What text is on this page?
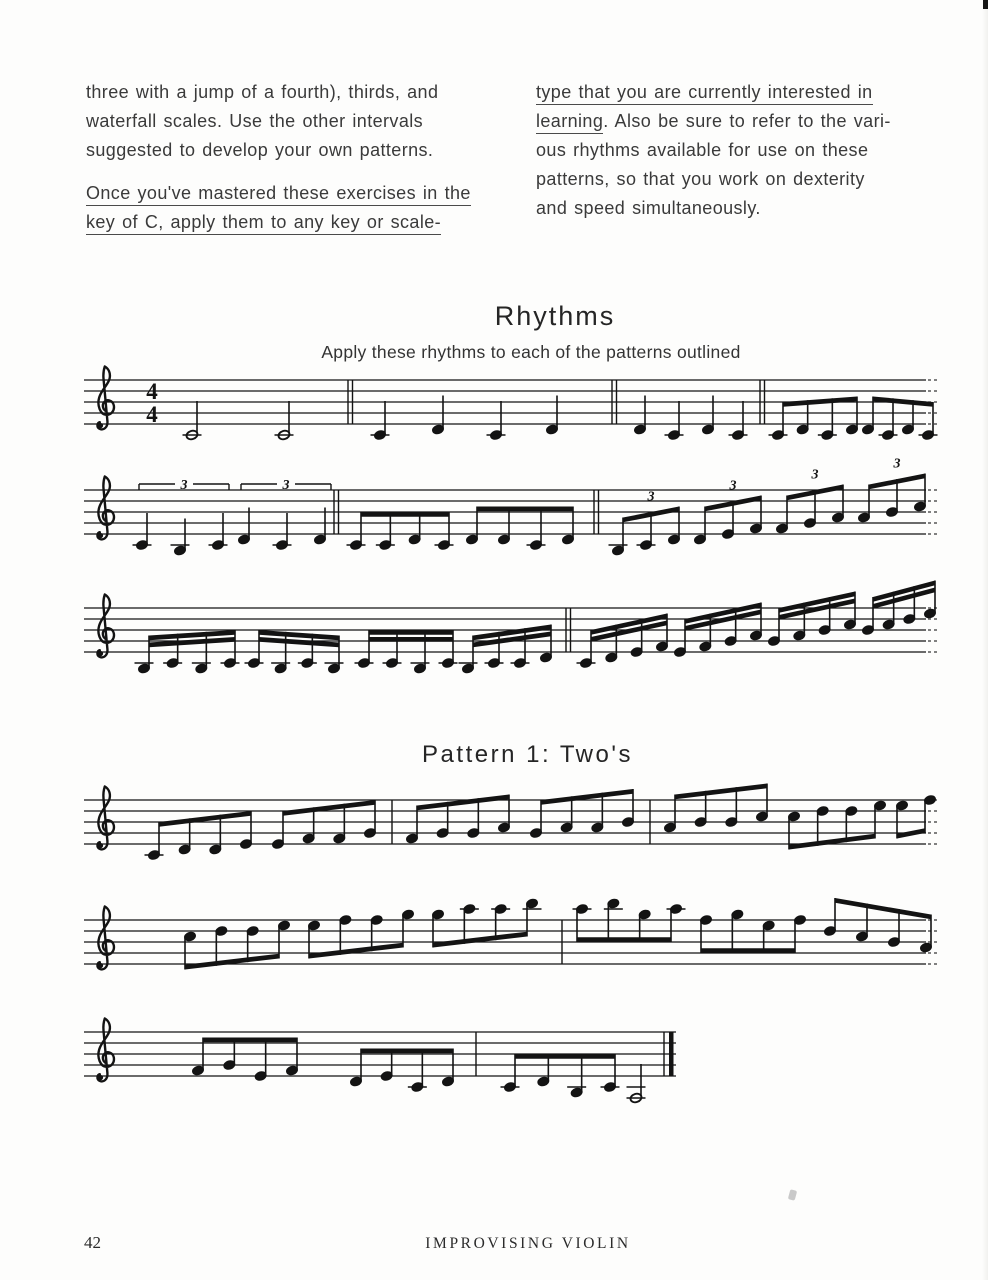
three with a jump of a fourth), thirds, and
waterfall scales. Use the other intervals
suggested to develop your own patterns.
Once you've mastered these exercises in the
key of C, apply them to any key or scale-
type that you are currently interested in
learning. Also be sure to refer to the vari-
ous rhythms available for use on these
patterns, so that you work on dexterity
and speed simultaneously.
Rhythms
Apply these rhythms to each of the patterns outlined
4
4
3	3
3
3
3
3
Pattern 1: Two's
42	IMPROVISING VIOLIN
